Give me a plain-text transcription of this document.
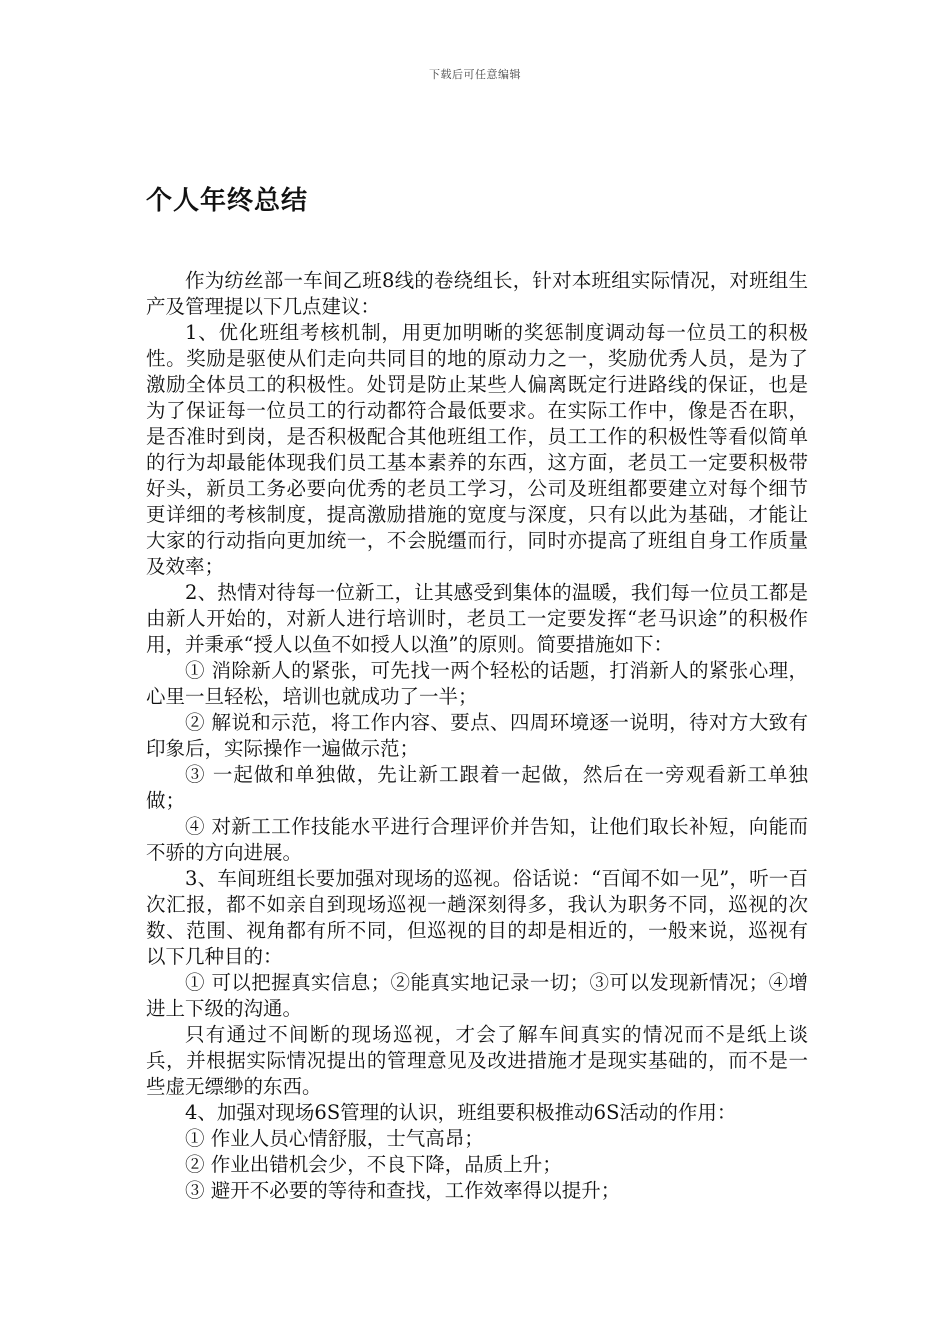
下载后可任意编辑
个人年终总结

作为纺丝部一车间乙班8线的卷绕组长，针对本班组实际情况，对班组生产及管理提以下几点建议：

1、优化班组考核机制，用更加明晰的奖惩制度调动每一位员工的积极性。奖励是驱使从们走向共同目的地的原动力之一，奖励优秀人员，是为了激励全体员工的积极性。处罚是防止某些人偏离既定行进路线的保证，也是为了保证每一位员工的行动都符合最低要求。在实际工作中，像是否在职，是否准时到岗，是否积极配合其他班组工作，员工工作的积极性等看似简单的行为却最能体现我们员工基本素养的东西，这方面，老员工一定要积极带好头，新员工务必要向优秀的老员工学习，公司及班组都要建立对每个细节更详细的考核制度，提高激励措施的宽度与深度，只有以此为基础，才能让大家的行动指向更加统一，不会脱缰而行，同时亦提高了班组自身工作质量及效率；

2、热情对待每一位新工，让其感受到集体的温暖，我们每一位员工都是由新人开始的，对新人进行培训时，老员工一定要发挥“老马识途”的积极作用，并秉承“授人以鱼不如授人以渔”的原则。简要措施如下：

① 消除新人的紧张，可先找一两个轻松的话题，打消新人的紧张心理，心里一旦轻松，培训也就成功了一半；

② 解说和示范，将工作内容、要点、四周环境逐一说明，待对方大致有印象后，实际操作一遍做示范；

③ 一起做和单独做，先让新工跟着一起做，然后在一旁观看新工单独做；

④ 对新工工作技能水平进行合理评价并告知，让他们取长补短，向能而不骄的方向进展。

3、车间班组长要加强对现场的巡视。俗话说：“百闻不如一见”，听一百次汇报，都不如亲自到现场巡视一趟深刻得多，我认为职务不同，巡视的次数、范围、视角都有所不同，但巡视的目的却是相近的，一般来说，巡视有以下几种目的：

① 可以把握真实信息；②能真实地记录一切；③可以发现新情况；④增进上下级的沟通。

只有通过不间断的现场巡视，才会了解车间真实的情况而不是纸上谈兵，并根据实际情况提出的管理意见及改进措施才是现实基础的，而不是一些虚无缥缈的东西。

4、加强对现场6S管理的认识，班组要积极推动6S活动的作用：

① 作业人员心情舒服，士气高昂；

② 作业出错机会少，不良下降，品质上升；

③ 避开不必要的等待和查找，工作效率得以提升；
